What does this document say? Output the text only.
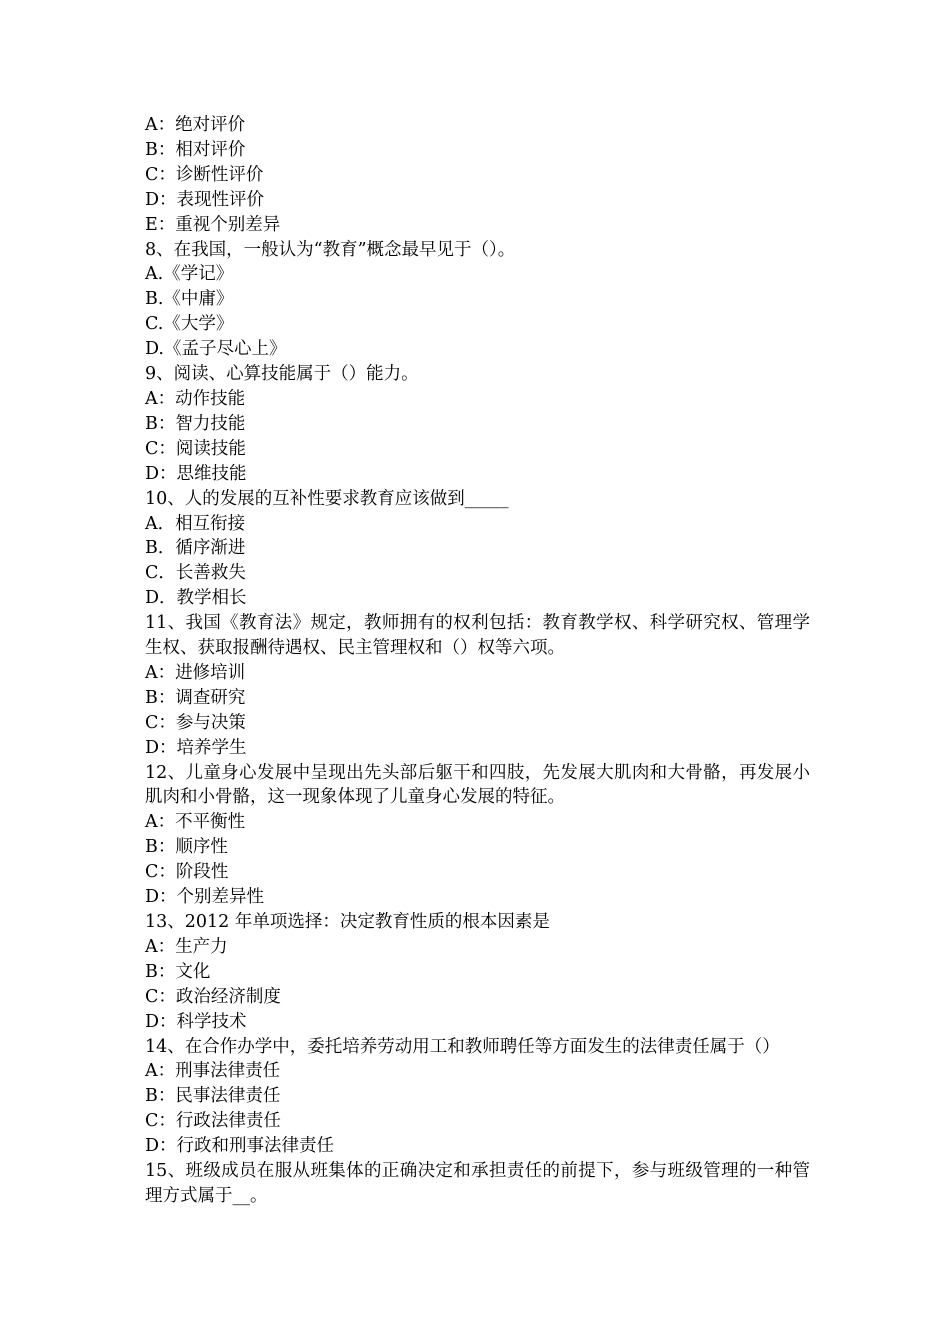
A：绝对评价
B：相对评价
C：诊断性评价
D：表现性评价
E：重视个别差异
8、在我国，一般认为“教育”概念最早见于（）。
A.《学记》
B.《中庸》
C.《大学》
D.《孟子尽心上》
9、阅读、心算技能属于（）能力。
A：动作技能
B：智力技能
C：阅读技能
D：思维技能
10、人的发展的互补性要求教育应该做到_____
A．相互衔接
B．循序渐进
C．长善救失
D．教学相长
11、我国《教育法》规定，教师拥有的权利包括：教育教学权、科学研究权、管理学生权、获取报酬待遇权、民主管理权和（）权等六项。
A：进修培训
B：调查研究
C：参与决策
D：培养学生
12、儿童身心发展中呈现出先头部后躯干和四肢，先发展大肌肉和大骨骼，再发展小肌肉和小骨骼，这一现象体现了儿童身心发展的特征。
A：不平衡性
B：顺序性
C：阶段性
D：个别差异性
13、2012 年单项选择：决定教育性质的根本因素是
A：生产力
B：文化
C：政治经济制度
D：科学技术
14、在合作办学中，委托培养劳动用工和教师聘任等方面发生的法律责任属于（）
A：刑事法律责任
B：民事法律责任
C：行政法律责任
D：行政和刑事法律责任
15、班级成员在服从班集体的正确决定和承担责任的前提下，参与班级管理的一种管理方式属于__。
